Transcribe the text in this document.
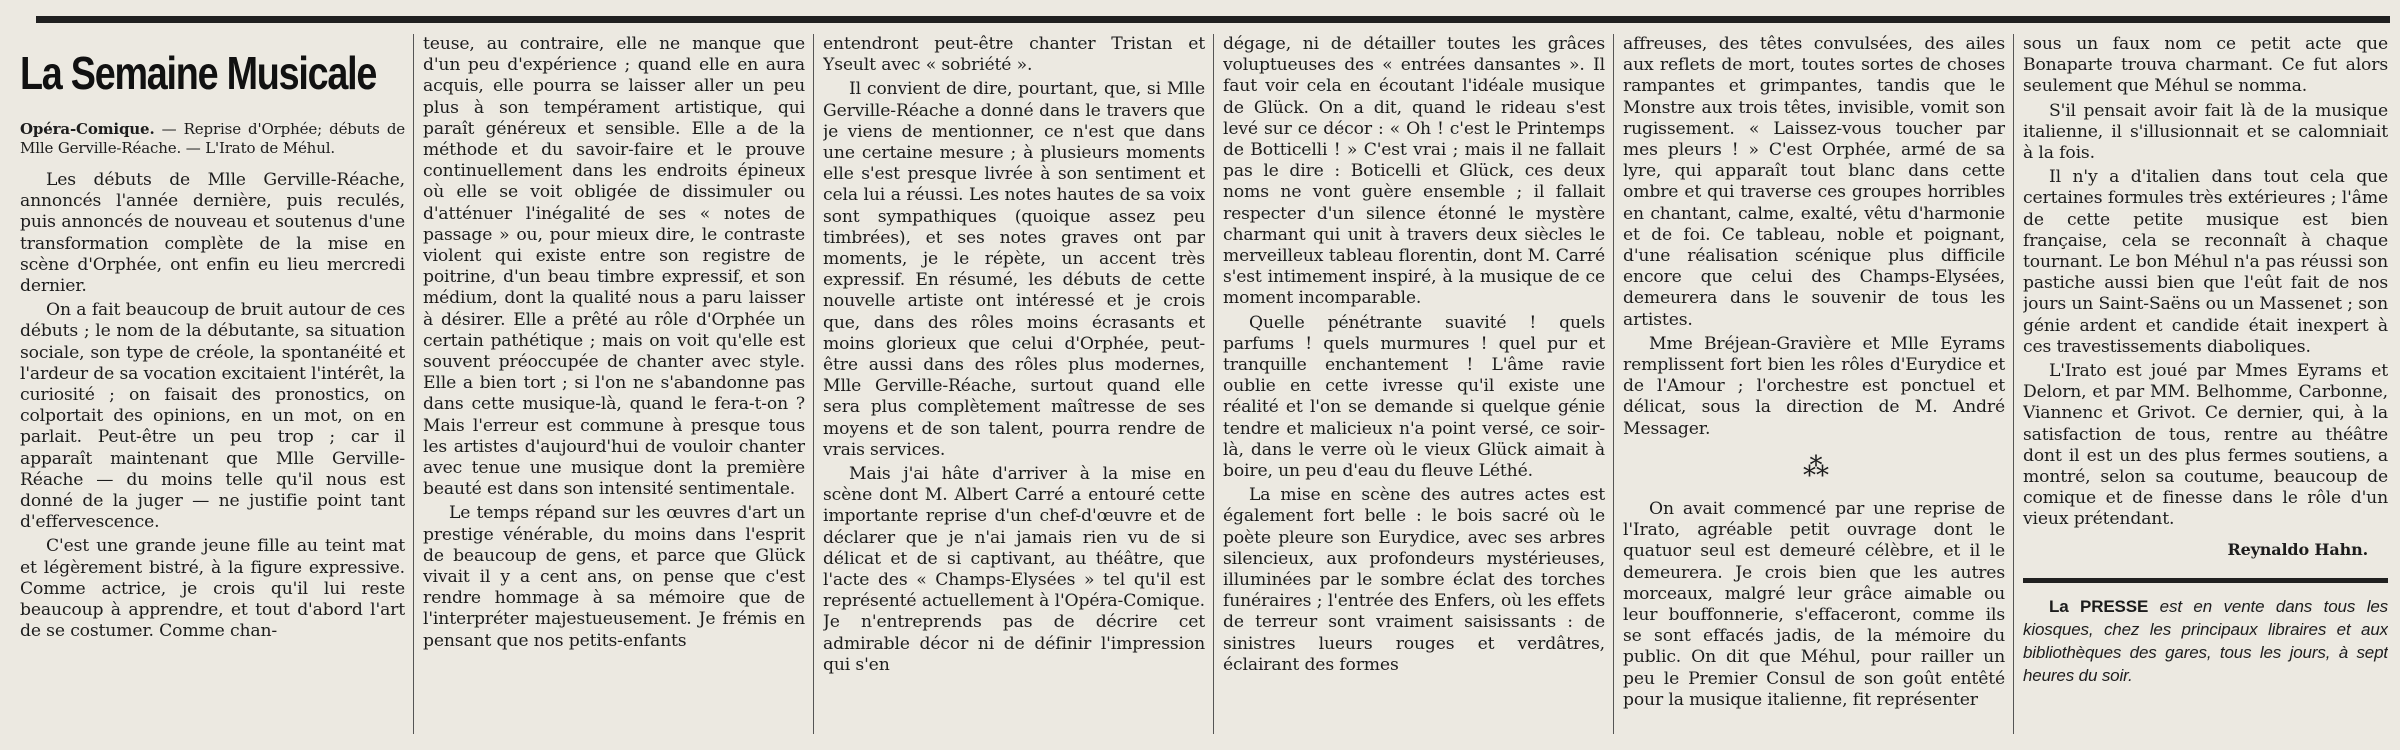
La Semaine Musicale

Opéra-Comique. — Reprise d'Orphée; débuts de Mlle Gerville-Réache. — L'Irato de Méhul.

Les débuts de Mlle Gerville-Réache, annoncés l'année dernière, puis reculés, puis annoncés de nouveau et soutenus d'une transformation complète de la mise en scène d'Orphée, ont enfin eu lieu mercredi dernier.

On a fait beaucoup de bruit autour de ces débuts ; le nom de la débutante, sa situation sociale, son type de créole, la spontanéité et l'ardeur de sa vocation excitaient l'intérêt, la curiosité ; on faisait des pronostics, on colportait des opinions, en un mot, on en parlait. Peut-être un peu trop ; car il apparaît maintenant que Mlle Gerville-Réache — du moins telle qu'il nous est donné de la juger — ne justifie point tant d'effervescence.

C'est une grande jeune fille au teint mat et légèrement bistré, à la figure expressive. Comme actrice, je crois qu'il lui reste beaucoup à apprendre, et tout d'abord l'art de se costumer. Comme chan-

teuse, au contraire, elle ne manque que d'un peu d'expérience ; quand elle en aura acquis, elle pourra se laisser aller un peu plus à son tempérament artistique, qui paraît généreux et sensible. Elle a de la méthode et du savoir-faire et le prouve continuellement dans les endroits épineux où elle se voit obligée de dissimuler ou d'atténuer l'inégalité de ses « notes de passage » ou, pour mieux dire, le contraste violent qui existe entre son registre de poitrine, d'un beau timbre expressif, et son médium, dont la qualité nous a paru laisser à désirer. Elle a prêté au rôle d'Orphée un certain pathétique ; mais on voit qu'elle est souvent préoccupée de chanter avec style. Elle a bien tort ; si l'on ne s'abandonne pas dans cette musique-là, quand le fera-t-on ? Mais l'erreur est commune à presque tous les artistes d'aujourd'hui de vouloir chanter avec tenue une musique dont la première beauté est dans son intensité sentimentale.

Le temps répand sur les œuvres d'art un prestige vénérable, du moins dans l'esprit de beaucoup de gens, et parce que Glück vivait il y a cent ans, on pense que c'est rendre hommage à sa mémoire que de l'interpréter majestueusement. Je frémis en pensant que nos petits-enfants

entendront peut-être chanter Tristan et Yseult avec « sobriété ».

Il convient de dire, pourtant, que, si Mlle Gerville-Réache a donné dans le travers que je viens de mentionner, ce n'est que dans une certaine mesure ; à plusieurs moments elle s'est presque livrée à son sentiment et cela lui a réussi. Les notes hautes de sa voix sont sympathiques (quoique assez peu timbrées), et ses notes graves ont par moments, je le répète, un accent très expressif. En résumé, les débuts de cette nouvelle artiste ont intéressé et je crois que, dans des rôles moins écrasants et moins glorieux que celui d'Orphée, peut-être aussi dans des rôles plus modernes, Mlle Gerville-Réache, surtout quand elle sera plus complètement maîtresse de ses moyens et de son talent, pourra rendre de vrais services.

Mais j'ai hâte d'arriver à la mise en scène dont M. Albert Carré a entouré cette importante reprise d'un chef-d'œuvre et de déclarer que je n'ai jamais rien vu de si délicat et de si captivant, au théâtre, que l'acte des « Champs-Elysées » tel qu'il est représenté actuellement à l'Opéra-Comique. Je n'entreprends pas de décrire cet admirable décor ni de définir l'impression qui s'en

dégage, ni de détailler toutes les grâces voluptueuses des « entrées dansantes ». Il faut voir cela en écoutant l'idéale musique de Glück. On a dit, quand le rideau s'est levé sur ce décor : « Oh ! c'est le Printemps de Botticelli ! » C'est vrai ; mais il ne fallait pas le dire : Boticelli et Glück, ces deux noms ne vont guère ensemble ; il fallait respecter d'un silence étonné le mystère charmant qui unit à travers deux siècles le merveilleux tableau florentin, dont M. Carré s'est intimement inspiré, à la musique de ce moment incomparable.

Quelle pénétrante suavité ! quels parfums ! quels murmures ! quel pur et tranquille enchantement ! L'âme ravie oublie en cette ivresse qu'il existe une réalité et l'on se demande si quelque génie tendre et malicieux n'a point versé, ce soir-là, dans le verre où le vieux Glück aimait à boire, un peu d'eau du fleuve Léthé.

La mise en scène des autres actes est également fort belle : le bois sacré où le poète pleure son Eurydice, avec ses arbres silencieux, aux profondeurs mystérieuses, illuminées par le sombre éclat des torches funéraires ; l'entrée des Enfers, où les effets de terreur sont vraiment saisissants : de sinistres lueurs rouges et verdâtres, éclairant des formes

affreuses, des têtes convulsées, des ailes aux reflets de mort, toutes sortes de choses rampantes et grimpantes, tandis que le Monstre aux trois têtes, invisible, vomit son rugissement. « Laissez-vous toucher par mes pleurs ! » C'est Orphée, armé de sa lyre, qui apparaît tout blanc dans cette ombre et qui traverse ces groupes horribles en chantant, calme, exalté, vêtu d'harmonie et de foi. Ce tableau, noble et poignant, d'une réalisation scénique plus difficile encore que celui des Champs-Elysées, demeurera dans le souvenir de tous les artistes.

Mme Bréjean-Gravière et Mlle Eyrams remplissent fort bien les rôles d'Eurydice et de l'Amour ; l'orchestre est ponctuel et délicat, sous la direction de M. André Messager.

⁂

On avait commencé par une reprise de l'Irato, agréable petit ouvrage dont le quatuor seul est demeuré célèbre, et il le demeurera. Je crois bien que les autres morceaux, malgré leur grâce aimable ou leur bouffonnerie, s'effaceront, comme ils se sont effacés jadis, de la mémoire du public. On dit que Méhul, pour railler un peu le Premier Consul de son goût entêté pour la musique italienne, fit représenter

sous un faux nom ce petit acte que Bonaparte trouva charmant. Ce fut alors seulement que Méhul se nomma.

S'il pensait avoir fait là de la musique italienne, il s'illusionnait et se calomniait à la fois.

Il n'y a d'italien dans tout cela que certaines formules très extérieures ; l'âme de cette petite musique est bien française, cela se reconnaît à chaque tournant. Le bon Méhul n'a pas réussi son pastiche aussi bien que l'eût fait de nos jours un Saint-Saëns ou un Massenet ; son génie ardent et candide était inexpert à ces travestissements diaboliques.

L'Irato est joué par Mmes Eyrams et Delorn, et par MM. Belhomme, Carbonne, Viannenc et Grivot. Ce dernier, qui, à la satisfaction de tous, rentre au théâtre dont il est un des plus fermes soutiens, a montré, selon sa coutume, beaucoup de comique et de finesse dans le rôle d'un vieux prétendant.

Reynaldo Hahn.

La PRESSE est en vente dans tous les kiosques, chez les principaux libraires et aux bibliothèques des gares, tous les jours, à sept heures du soir.
